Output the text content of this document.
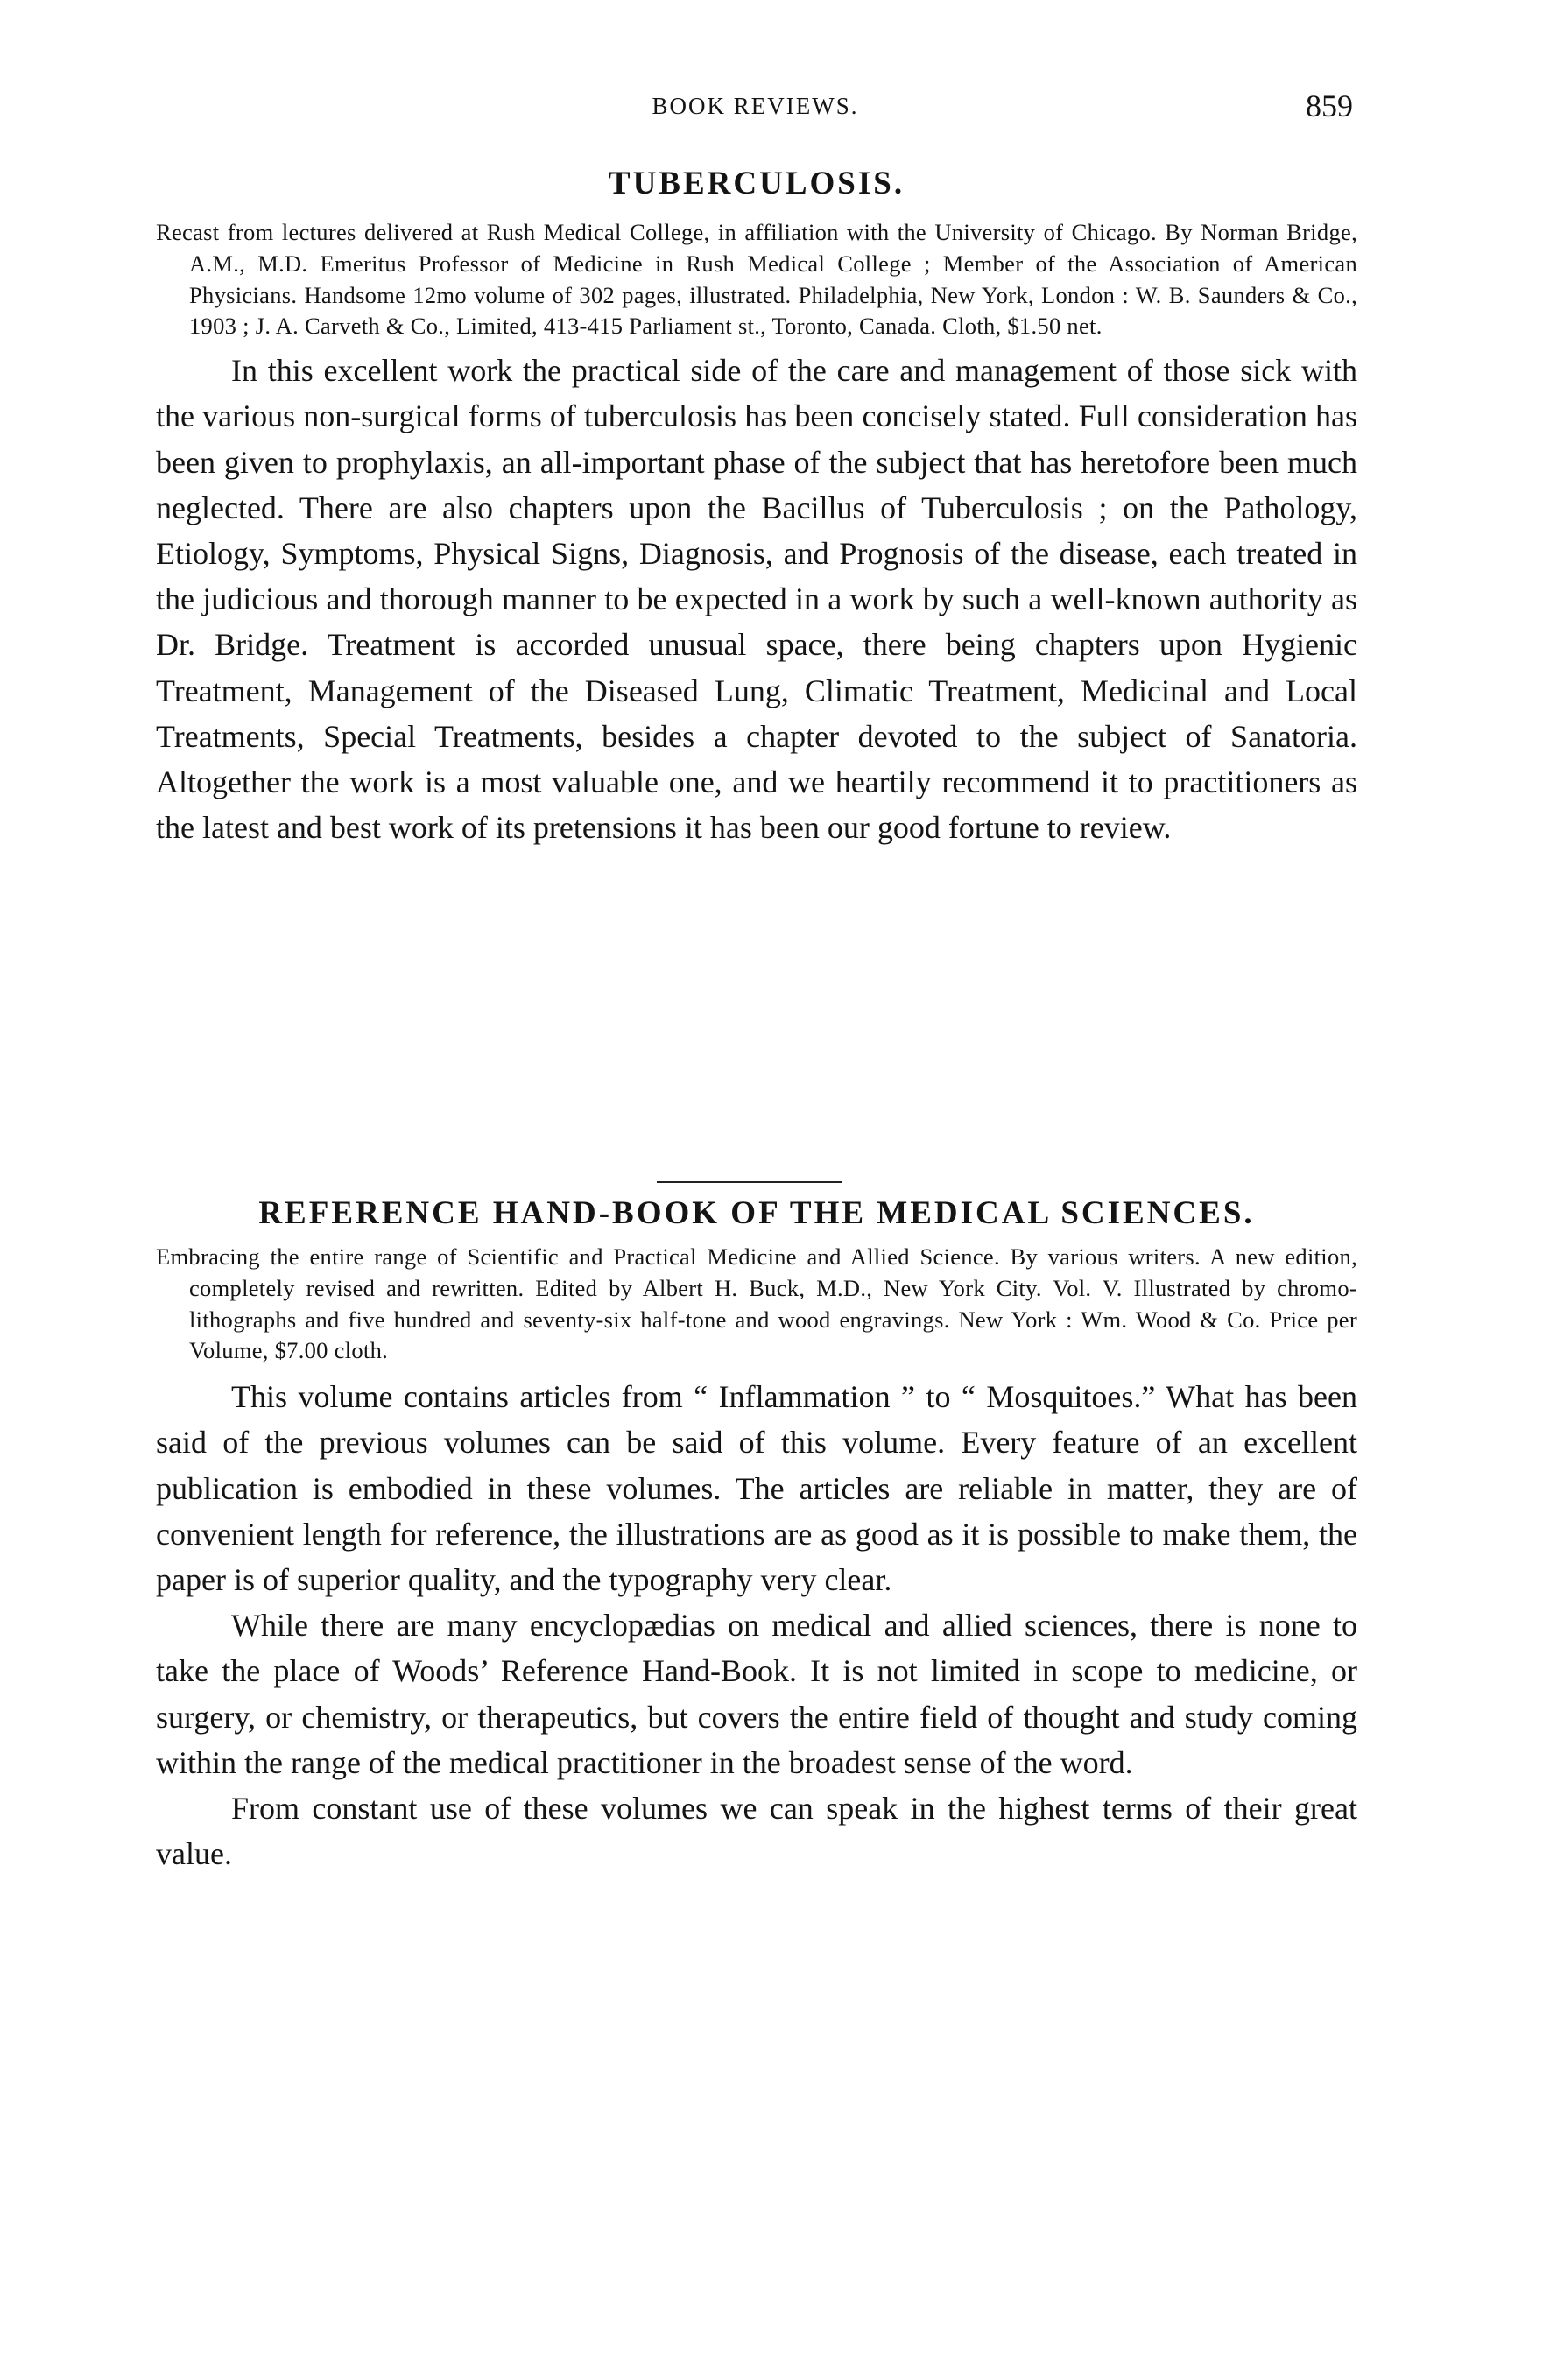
BOOK REVIEWS.	859
TUBERCULOSIS.

Recast from lectures delivered at Rush Medical College, in affiliation with the University of Chicago. By Norman Bridge, A.M., M.D. Emeritus Professor of Medicine in Rush Medical College ; Member of the Association of American Physicians. Handsome 12mo volume of 302 pages, illustrated. Philadelphia, New York, London : W. B. Saunders & Co., 1903 ; J. A. Carveth & Co., Limited, 413-415 Parliament st., Toronto, Canada. Cloth, $1.50 net.

In this excellent work the practical side of the care and management of those sick with the various non-surgical forms of tuberculosis has been concisely stated. Full consideration has been given to prophylaxis, an all-important phase of the subject that has heretofore been much neglected. There are also chapters upon the Bacillus of Tuberculosis ; on the Pathology, Etiology, Symptoms, Physical Signs, Diagnosis, and Prognosis of the disease, each treated in the judicious and thorough manner to be expected in a work by such a well-known authority as Dr. Bridge. Treatment is accorded unusual space, there being chapters upon Hygienic Treatment, Management of the Diseased Lung, Climatic Treatment, Medicinal and Local Treatments, Special Treatments, besides a chapter devoted to the subject of Sanatoria. Altogether the work is a most valuable one, and we heartily recommend it to practitioners as the latest and best work of its pretensions it has been our good fortune to review.

REFERENCE HAND-BOOK OF THE MEDICAL SCIENCES.

Embracing the entire range of Scientific and Practical Medicine and Allied Science. By various writers. A new edition, completely revised and rewritten. Edited by Albert H. Buck, M.D., New York City. Vol. V. Illustrated by chromo-lithographs and five hundred and seventy-six half-tone and wood engravings. New York : Wm. Wood & Co. Price per Volume, $7.00 cloth.

This volume contains articles from “ Inflammation ” to “ Mosquitoes.” What has been said of the previous volumes can be said of this volume. Every feature of an excellent publication is embodied in these volumes. The articles are reliable in matter, they are of convenient length for reference, the illustrations are as good as it is possible to make them, the paper is of superior quality, and the typography very clear.

While there are many encyclopædias on medical and allied sciences, there is none to take the place of Woods’ Reference Hand-Book. It is not limited in scope to medicine, or surgery, or chemistry, or therapeutics, but covers the entire field of thought and study coming within the range of the medical practitioner in the broadest sense of the word.

From constant use of these volumes we can speak in the highest terms of their great value.
